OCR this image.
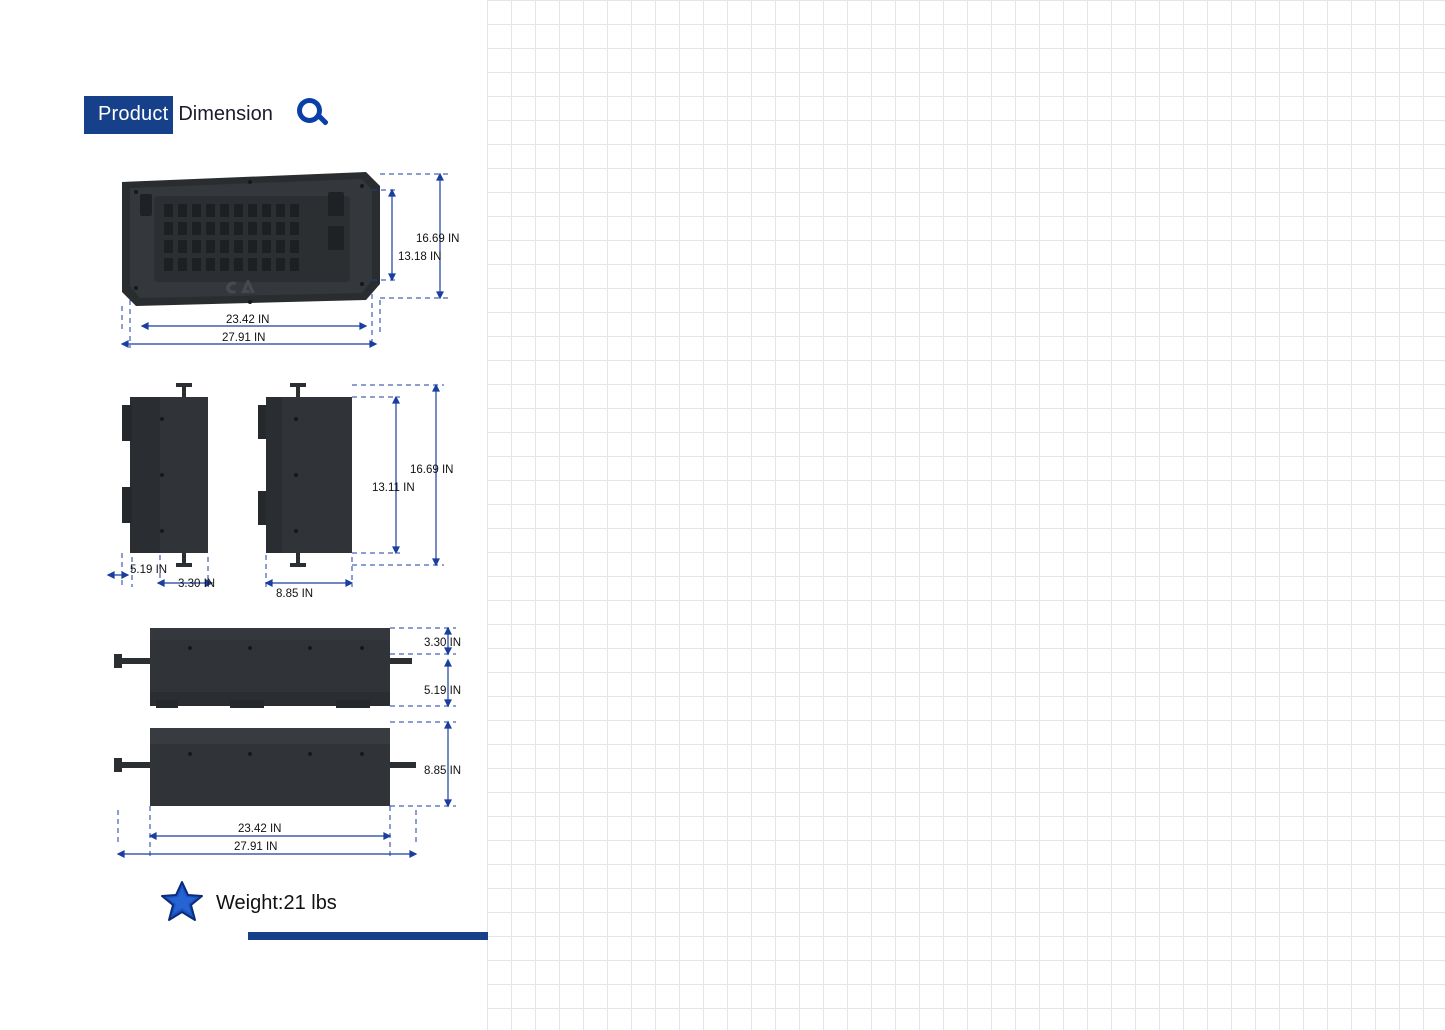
Product Dimension
16.69 IN
13.18 IN
23.42 IN
27.91 IN
16.69 IN
13.11 IN
5.19 IN
3.30 IN
8.85 IN
3.30 IN
5.19 IN
8.85 IN
23.42 IN
27.91 IN
Weight:21 lbs
